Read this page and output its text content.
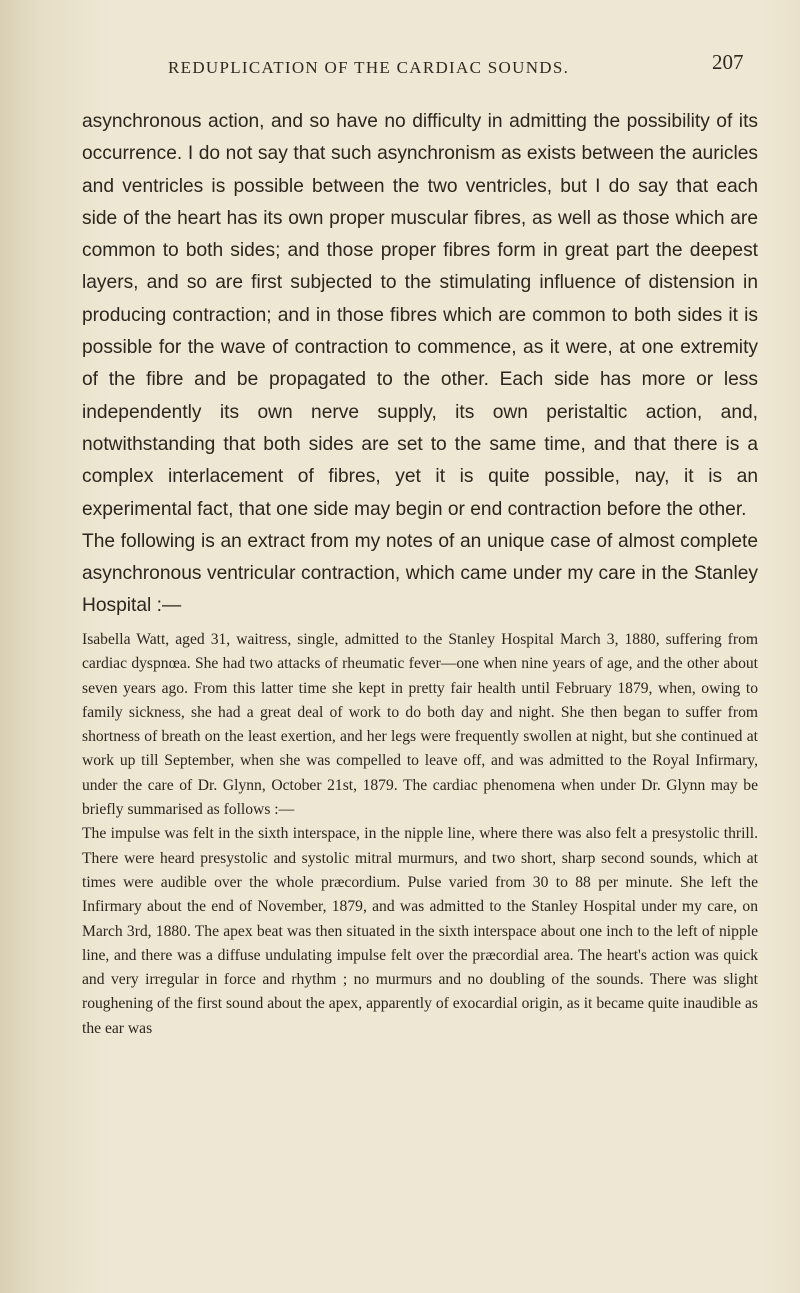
REDUPLICATION OF THE CARDIAC SOUNDS.	207

asynchronous action, and so have no difficulty in admitting the possibility of its occurrence. I do not say that such asynchronism as exists between the auricles and ventricles is possible between the two ventricles, but I do say that each side of the heart has its own proper muscular fibres, as well as those which are common to both sides; and those proper fibres form in great part the deepest layers, and so are first subjected to the stimulating influence of distension in producing contraction; and in those fibres which are common to both sides it is possible for the wave of contraction to commence, as it were, at one extremity of the fibre and be propagated to the other. Each side has more or less independently its own nerve supply, its own peristaltic action, and, notwithstanding that both sides are set to the same time, and that there is a complex interlacement of fibres, yet it is quite possible, nay, it is an experimental fact, that one side may begin or end contraction before the other.

The following is an extract from my notes of an unique case of almost complete asynchronous ventricular contraction, which came under my care in the Stanley Hospital :—

Isabella Watt, aged 31, waitress, single, admitted to the Stanley Hospital March 3, 1880, suffering from cardiac dyspnœa. She had two attacks of rheumatic fever—one when nine years of age, and the other about seven years ago. From this latter time she kept in pretty fair health until February 1879, when, owing to family sickness, she had a great deal of work to do both day and night. She then began to suffer from shortness of breath on the least exertion, and her legs were frequently swollen at night, but she continued at work up till September, when she was compelled to leave off, and was admitted to the Royal Infirmary, under the care of Dr. Glynn, October 21st, 1879. The cardiac phenomena when under Dr. Glynn may be briefly summarised as follows :—

The impulse was felt in the sixth interspace, in the nipple line, where there was also felt a presystolic thrill. There were heard presystolic and systolic mitral murmurs, and two short, sharp second sounds, which at times were audible over the whole præcordium. Pulse varied from 30 to 88 per minute. She left the Infirmary about the end of November, 1879, and was admitted to the Stanley Hospital under my care, on March 3rd, 1880. The apex beat was then situated in the sixth interspace about one inch to the left of nipple line, and there was a diffuse undulating impulse felt over the præcordial area. The heart's action was quick and very irregular in force and rhythm ; no murmurs and no doubling of the sounds. There was slight roughening of the first sound about the apex, apparently of exocardial origin, as it became quite inaudible as the ear was
